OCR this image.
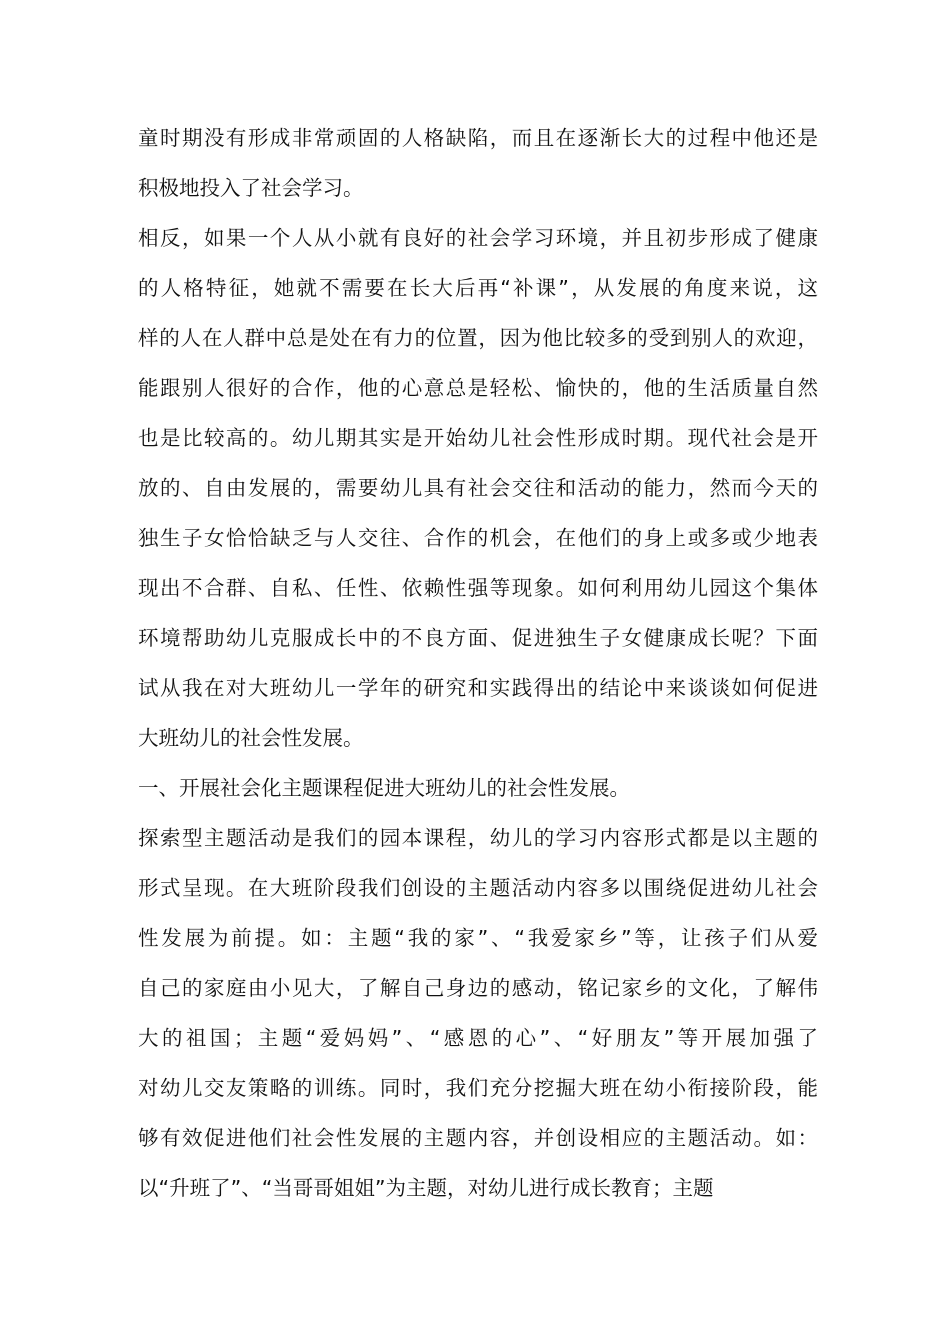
童时期没有形成非常顽固的人格缺陷，而且在逐渐长大的过程中他还是
积极地投入了社会学习。
相反，如果一个人从小就有良好的社会学习环境，并且初步形成了健康
的人格特征，她就不需要在长大后再“补课”，从发展的角度来说，这
样的人在人群中总是处在有力的位置，因为他比较多的受到别人的欢迎，
能跟别人很好的合作，他的心意总是轻松、愉快的，他的生活质量自然
也是比较高的。幼儿期其实是开始幼儿社会性形成时期。现代社会是开
放的、自由发展的，需要幼儿具有社会交往和活动的能力，然而今天的
独生子女恰恰缺乏与人交往、合作的机会，在他们的身上或多或少地表
现出不合群、自私、任性、依赖性强等现象。如何利用幼儿园这个集体
环境帮助幼儿克服成长中的不良方面、促进独生子女健康成长呢？下面
试从我在对大班幼儿一学年的研究和实践得出的结论中来谈谈如何促进
大班幼儿的社会性发展。
一、开展社会化主题课程促进大班幼儿的社会性发展。
探索型主题活动是我们的园本课程，幼儿的学习内容形式都是以主题的
形式呈现。在大班阶段我们创设的主题活动内容多以围绕促进幼儿社会
性发展为前提。如：主题“我的家”、“我爱家乡”等，让孩子们从爱
自己的家庭由小见大，了解自己身边的感动，铭记家乡的文化，了解伟
大的祖国；主题“爱妈妈”、“感恩的心”、“好朋友”等开展加强了
对幼儿交友策略的训练。同时，我们充分挖掘大班在幼小衔接阶段，能
够有效促进他们社会性发展的主题内容，并创设相应的主题活动。如：
以“升班了”、“当哥哥姐姐”为主题，对幼儿进行成长教育；主题
